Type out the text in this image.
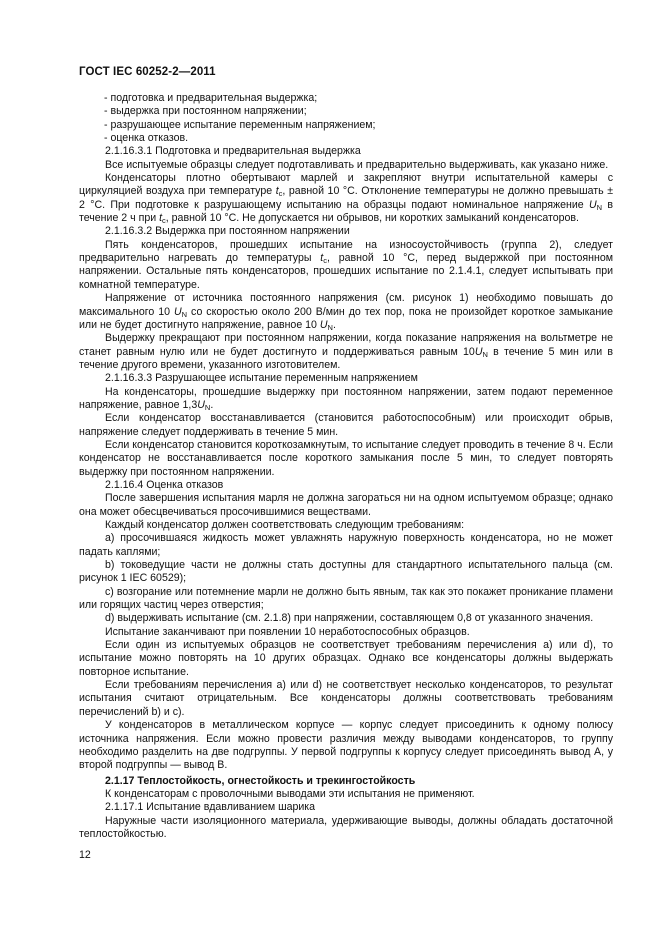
ГОСТ IEC 60252-2—2011

- подготовка и предварительная выдержка;

- выдержка при постоянном напряжении;

- разрушающее испытание переменным напряжением;

- оценка отказов.

2.1.16.3.1 Подготовка и предварительная выдержка

Все испытуемые образцы следует подготавливать и предварительно выдерживать, как указано ниже.

Конденсаторы плотно обертывают марлей и закрепляют внутри испытательной камеры с циркуляцией воздуха при температуре $t_c$, равной 10 °С. Отклонение температуры не должно превышать ± 2 °С. При подготовке к разрушающему испытанию на образцы подают номинальное напряжение $U_N$ в течение 2 ч при $t_c$, равной 10 °С. Не допускается ни обрывов, ни коротких замыканий конденсаторов.

2.1.16.3.2 Выдержка при постоянном напряжении

Пять конденсаторов, прошедших испытание на износоустойчивость (группа 2), следует предварительно нагревать до температуры $t_c$, равной 10 °С, перед выдержкой при постоянном напряжении. Остальные пять конденсаторов, прошедших испытание по 2.1.4.1, следует испытывать при комнатной температуре.

Напряжение от источника постоянного напряжения (см. рисунок 1) необходимо повышать до максимального 10 $U_N$ со скоростью около 200 В/мин до тех пор, пока не произойдет короткое замыкание или не будет достигнуто напряжение, равное 10 $U_N$.

Выдержку прекращают при постоянном напряжении, когда показание напряжения на вольтметре не станет равным нулю или не будет достигнуто и поддерживаться равным $10U_N$ в течение 5 мин или в течение другого времени, указанного изготовителем.

2.1.16.3.3 Разрушающее испытание переменным напряжением

На конденсаторы, прошедшие выдержку при постоянном напряжении, затем подают переменное напряжение, равное $1,3U_N$.

Если конденсатор восстанавливается (становится работоспособным) или происходит обрыв, напряжение следует поддерживать в течение 5 мин.

Если конденсатор становится короткозамкнутым, то испытание следует проводить в течение 8 ч. Если конденсатор не восстанавливается после короткого замыкания после 5 мин, то следует повторять выдержку при постоянном напряжении.

2.1.16.4 Оценка отказов

После завершения испытания марля не должна загораться ни на одном испытуемом образце; однако она может обесцвечиваться просочившимися веществами.

Каждый конденсатор должен соответствовать следующим требованиям:

a) просочившаяся жидкость может увлажнять наружную поверхность конденсатора, но не может падать каплями;

b) токоведущие части не должны стать доступны для стандартного испытательного пальца (см. рисунок 1 IEC 60529);

c) возгорание или потемнение марли не должно быть явным, так как это покажет проникание пламени или горящих частиц через отверстия;

d) выдерживать испытание (см. 2.1.8) при напряжении, составляющем 0,8 от указанного значения.

Испытание заканчивают при появлении 10 неработоспособных образцов.

Если один из испытуемых образцов не соответствует требованиям перечисления а) или d), то испытание можно повторять на 10 других образцах. Однако все конденсаторы должны выдержать повторное испытание.

Если требованиям перечисления а) или d) не соответствует несколько конденсаторов, то результат испытания считают отрицательным. Все конденсаторы должны соответствовать требованиям перечислений b) и с).

У конденсаторов в металлическом корпусе — корпус следует присоединить к одному полюсу источника напряжения. Если можно провести различия между выводами конденсаторов, то группу необходимо разделить на две подгруппы. У первой подгруппы к корпусу следует присоединять вывод А, у второй подгруппы — вывод В.

2.1.17 Теплостойкость, огнестойкость и трекингостойкость

К конденсаторам с проволочными выводами эти испытания не применяют.

2.1.17.1 Испытание вдавливанием шарика

Наружные части изоляционного материала, удерживающие выводы, должны обладать достаточной теплостойкостью.

12
